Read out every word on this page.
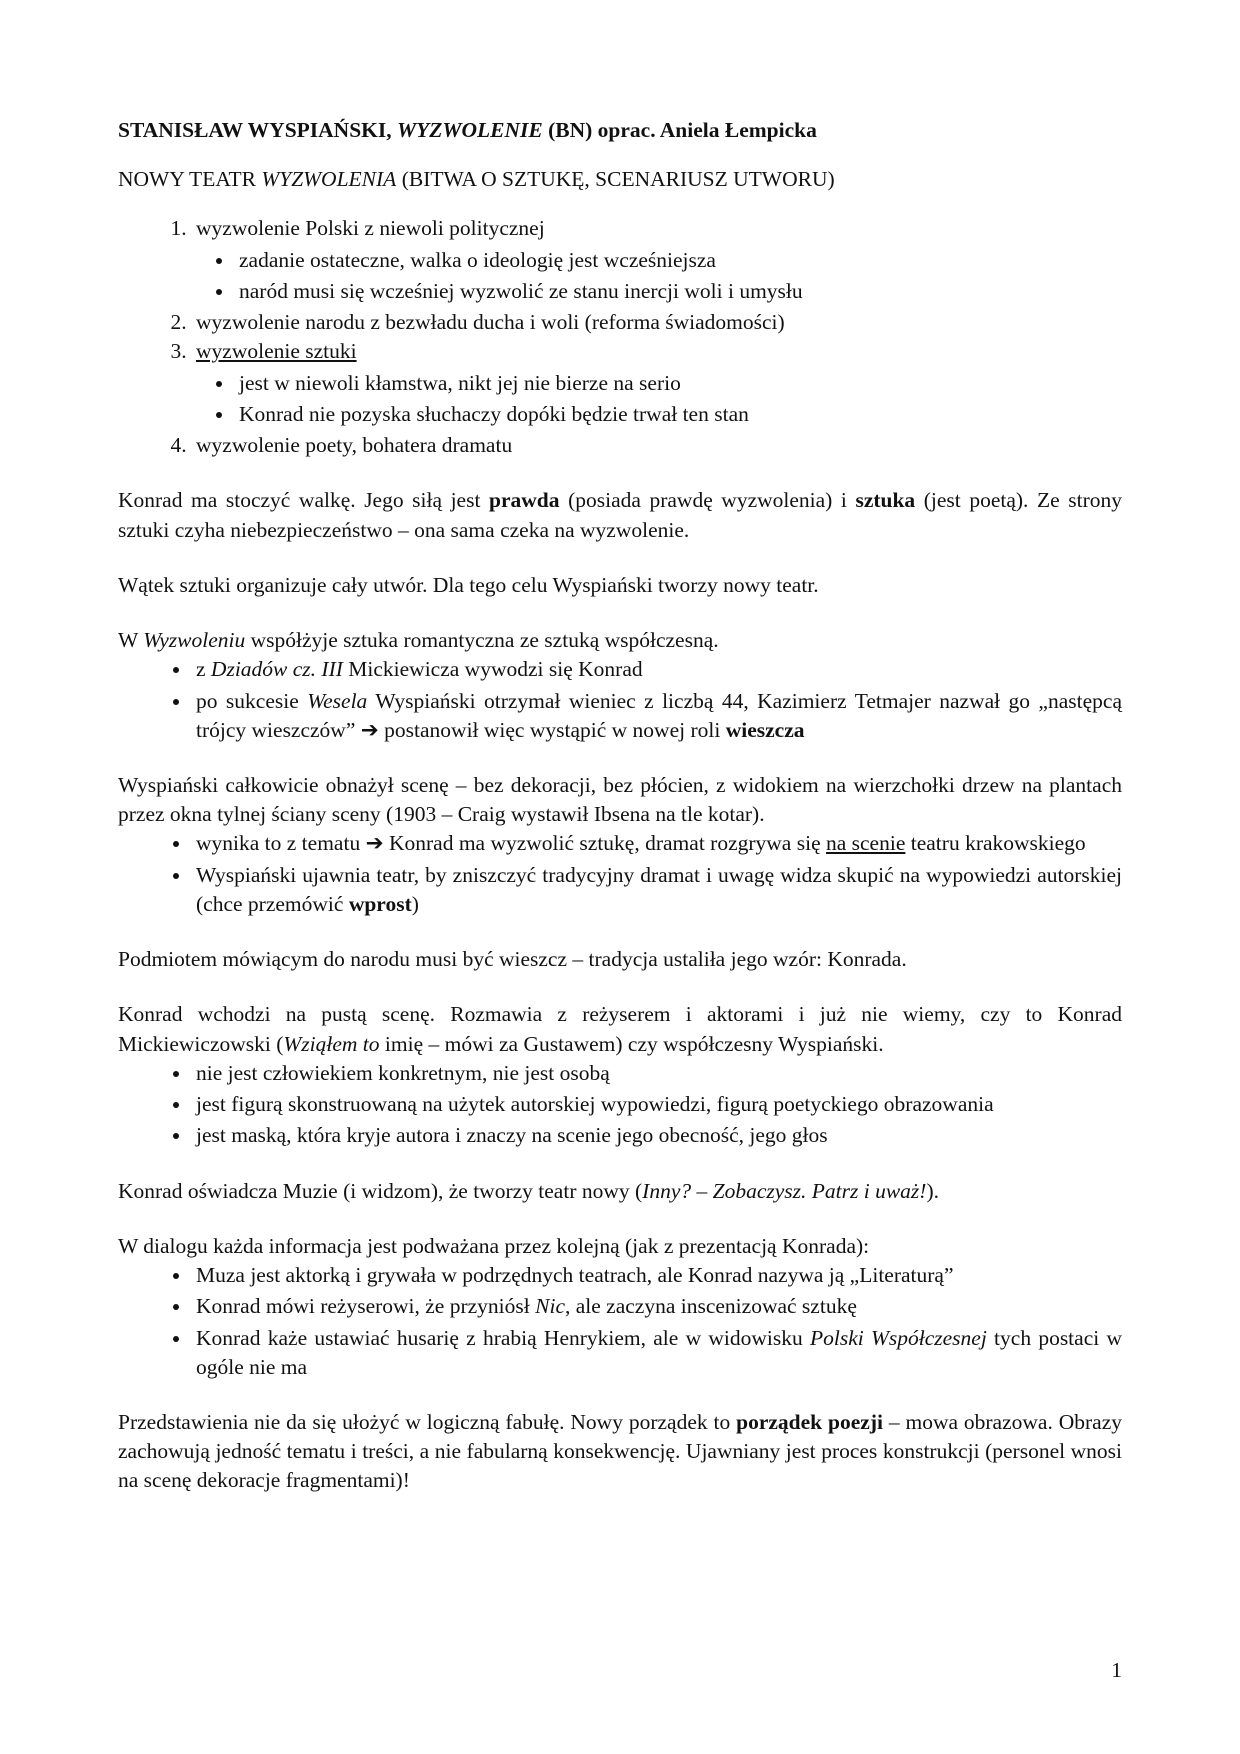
STANISŁAW WYSPIAŃSKI, WYZWOLENIE (BN) oprac. Aniela Łempicka
NOWY TEATR WYZWOLENIA (BITWA O SZTUKĘ, SCENARIUSZ UTWORU)
1. wyzwolenie Polski z niewoli politycznej
• zadanie ostateczne, walka o ideologię jest wcześniejsza
• naród musi się wcześniej wyzwolić ze stanu inercji woli i umysłu
2. wyzwolenie narodu z bezwładu ducha i woli (reforma świadomości)
3. wyzwolenie sztuki
• jest w niewoli kłamstwa, nikt jej nie bierze na serio
• Konrad nie pozyska słuchaczy dopóki będzie trwał ten stan
4. wyzwolenie poety, bohatera dramatu

Konrad ma stoczyć walkę. Jego siłą jest prawda (posiada prawdę wyzwolenia) i sztuka (jest poetą). Ze strony sztuki czyha niebezpieczeństwo – ona sama czeka na wyzwolenie.

Wątek sztuki organizuje cały utwór. Dla tego celu Wyspiański tworzy nowy teatr.

W Wyzwoleniu współżyje sztuka romantyczna ze sztuką współczesną.

• z Dziadów cz. III Mickiewicza wywodzi się Konrad
• po sukcesie Wesela Wyspiański otrzymał wieniec z liczbą 44, Kazimierz Tetmajer nazwał go „następcą trójcy wieszczów” ➔ postanowił więc wystąpić w nowej roli wieszcza

Wyspiański całkowicie obnażył scenę – bez dekoracji, bez płócien, z widokiem na wierzchołki drzew na plantach przez okna tylnej ściany sceny (1903 – Craig wystawił Ibsena na tle kotar).

• wynika to z tematu ➔ Konrad ma wyzwolić sztukę, dramat rozgrywa się na scenie teatru krakowskiego
• Wyspiański ujawnia teatr, by zniszczyć tradycyjny dramat i uwagę widza skupić na wypowiedzi autorskiej (chce przemówić wprost)

Podmiotem mówiącym do narodu musi być wieszcz – tradycja ustaliła jego wzór: Konrada.

Konrad wchodzi na pustą scenę. Rozmawia z reżyserem i aktorami i już nie wiemy, czy to Konrad Mickiewiczowski (Wziąłem to imię – mówi za Gustawem) czy współczesny Wyspiański.

• nie jest człowiekiem konkretnym, nie jest osobą
• jest figurą skonstruowaną na użytek autorskiej wypowiedzi, figurą poetyckiego obrazowania
• jest maską, która kryje autora i znaczy na scenie jego obecność, jego głos

Konrad oświadcza Muzie (i widzom), że tworzy teatr nowy (Inny? – Zobaczysz. Patrz i uważ!).

W dialogu każda informacja jest podważana przez kolejną (jak z prezentacją Konrada):

• Muza jest aktorką i grywała w podrzędnych teatrach, ale Konrad nazywa ją „Literaturą”
• Konrad mówi reżyserowi, że przyniósł Nic, ale zaczyna inscenizować sztukę
• Konrad każe ustawiać husarię z hrabią Henrykiem, ale w widowisku Polski Współczesnej tych postaci w ogóle nie ma

Przedstawienia nie da się ułożyć w logiczną fabułę. Nowy porządek to porządek poezji – mowa obrazowa. Obrazy zachowują jedność tematu i treści, a nie fabularną konsekwencję. Ujawniany jest proces konstrukcji (personel wnosi na scenę dekoracje fragmentami)!

1
